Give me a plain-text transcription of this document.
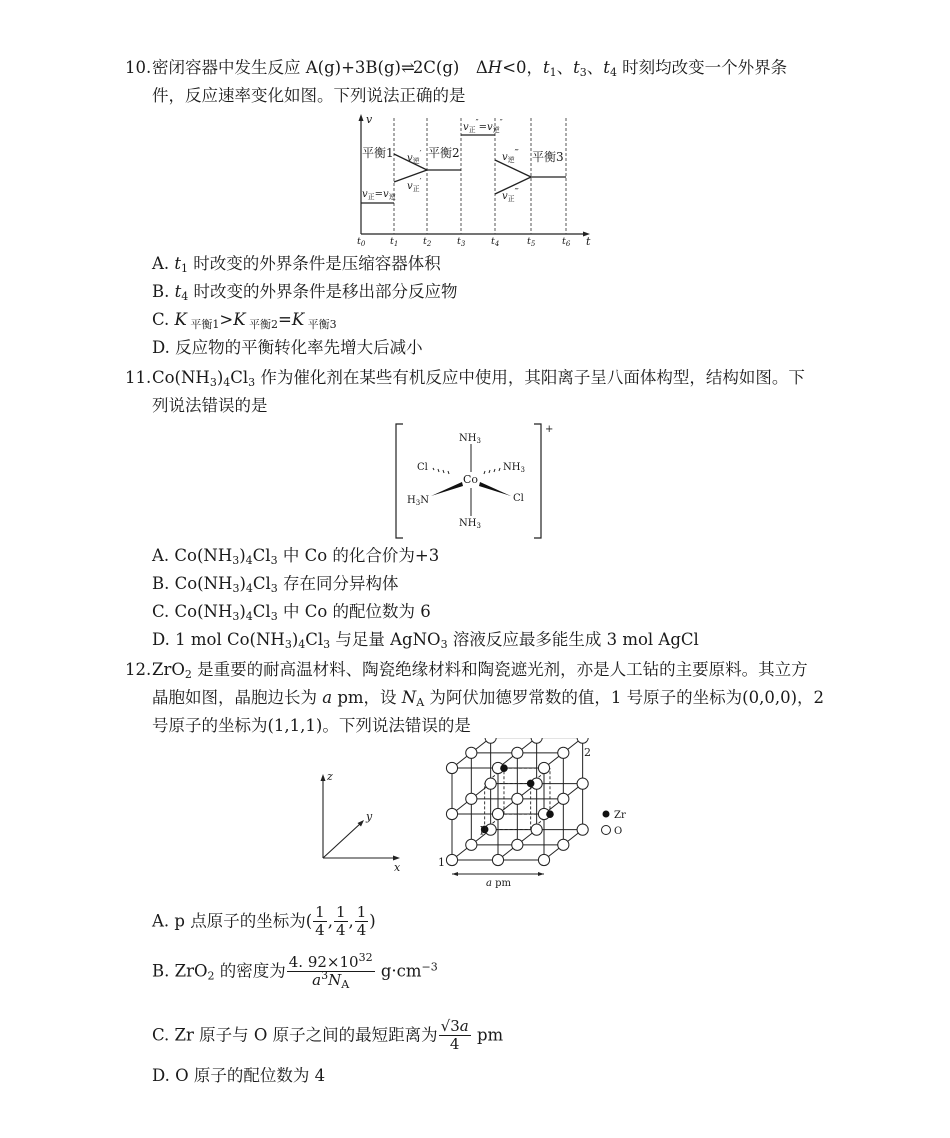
10. 密闭容器中发生反应 A(g)+3B(g)⇌2C(g)　ΔH<0，$t_1$、$t_3$、$t_4$ 时刻均改变一个外界条
件，反应速率变化如图。下列说法正确的是
v
t
$t_0$	$t_1$	$t_2$	$t_3$	$t_4$	$t_5$	$t_6$
平衡1	平衡2	平衡3
$v_正=v_逆$
$v_逆'$
$v_正'$
$v_正''=v_逆''$
$v_逆^‴$
$v_正^‴$
A. $t_1$ 时改变的外界条件是压缩容器体积
B. $t_4$ 时改变的外界条件是移出部分反应物
C. K $_{平衡1}$>K $_{平衡2}$=K $_{平衡3}$
D. 反应物的平衡转化率先增大后减小
11. $Co(NH_3)_4Cl_3$ 作为催化剂在某些有机反应中使用，其阳离子呈八面体构型，结构如图。下
列说法错误的是
+
Co
$NH_3$
$NH_3$
Cl	$NH_3$
$H_3N$	Cl
A. $Co(NH_3)_4Cl_3$ 中 Co 的化合价为+3
B. $Co(NH_3)_4Cl_3$ 存在同分异构体
C. $Co(NH_3)_4Cl_3$ 中 Co 的配位数为 6
D. 1 mol $Co(NH_3)_4Cl_3$ 与足量 AgNO$_3$ 溶液反应最多能生成 3 mol AgCl
12. ZrO$_2$ 是重要的耐高温材料、陶瓷绝缘材料和陶瓷遮光剂，亦是人工钻的主要原料。其立方
晶胞如图，晶胞边长为 a pm，设 $N_A$ 为阿伏加德罗常数的值，1 号原子的坐标为(0,0,0)，2
号原子的坐标为(1,1,1)。下列说法错误的是
z
y
x
a pm
1
2
p
Zr
O
A. p 点原子的坐标为( $\frac{1}{4}$ , $\frac{1}{4}$ , $\frac{1}{4}$ )
B. ZrO$_2$ 的密度为 $\frac{4. 92\times 10^{32}}{a^3N_A} g\cdot cm^{-3}$
C. Zr 原子与 O 原子之间的最短距离为 $\frac{√3a}{4}$ pm
D. O 原子的配位数为 4
